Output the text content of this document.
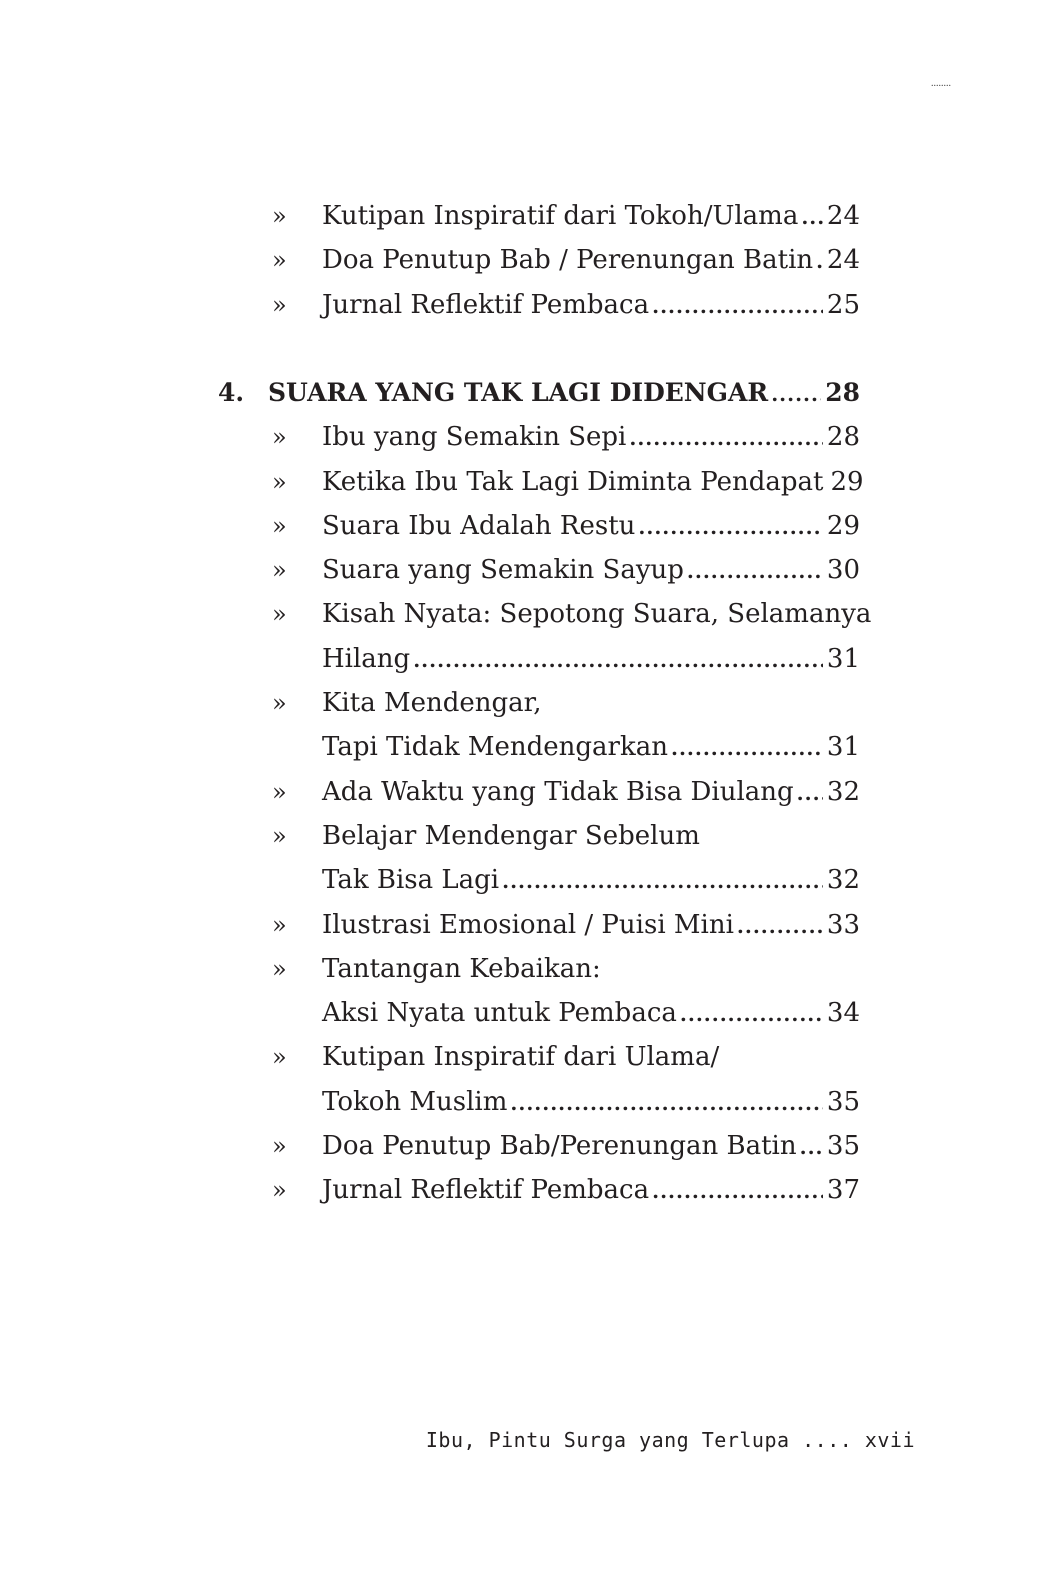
........
»	Kutipan Inspiratif dari Tokoh/Ulama ..... 24
»	Doa Penutup Bab / Perenungan Batin ..... 24
»	Jurnal Reflektif Pembaca .....	25
4. SUARA YANG TAK LAGI DIDENGAR ..... 28
»	Ibu yang Semakin Sepi .....	28
»	Ketika Ibu Tak Lagi Diminta Pendapat 29
»	Suara Ibu Adalah Restu .....	29
»	Suara yang Semakin Sayup .....	30
»	Kisah Nyata: Sepotong Suara, Selamanya
Hilang .....	31
»	Kita Mendengar,
Tapi Tidak Mendengarkan .....	31
»	Ada Waktu yang Tidak Bisa Diulang ..... 32
»	Belajar Mendengar Sebelum
Tak Bisa Lagi .....	32
»	Ilustrasi Emosional / Puisi Mini .....	33
»	Tantangan Kebaikan:
Aksi Nyata untuk Pembaca .....	34
»	Kutipan Inspiratif dari Ulama/
Tokoh Muslim .....	35
»	Doa Penutup Bab/Perenungan Batin ..... 35
»	Jurnal Reflektif Pembaca .....	37
Ibu, Pintu Surga yang Terlupa .... xvii
